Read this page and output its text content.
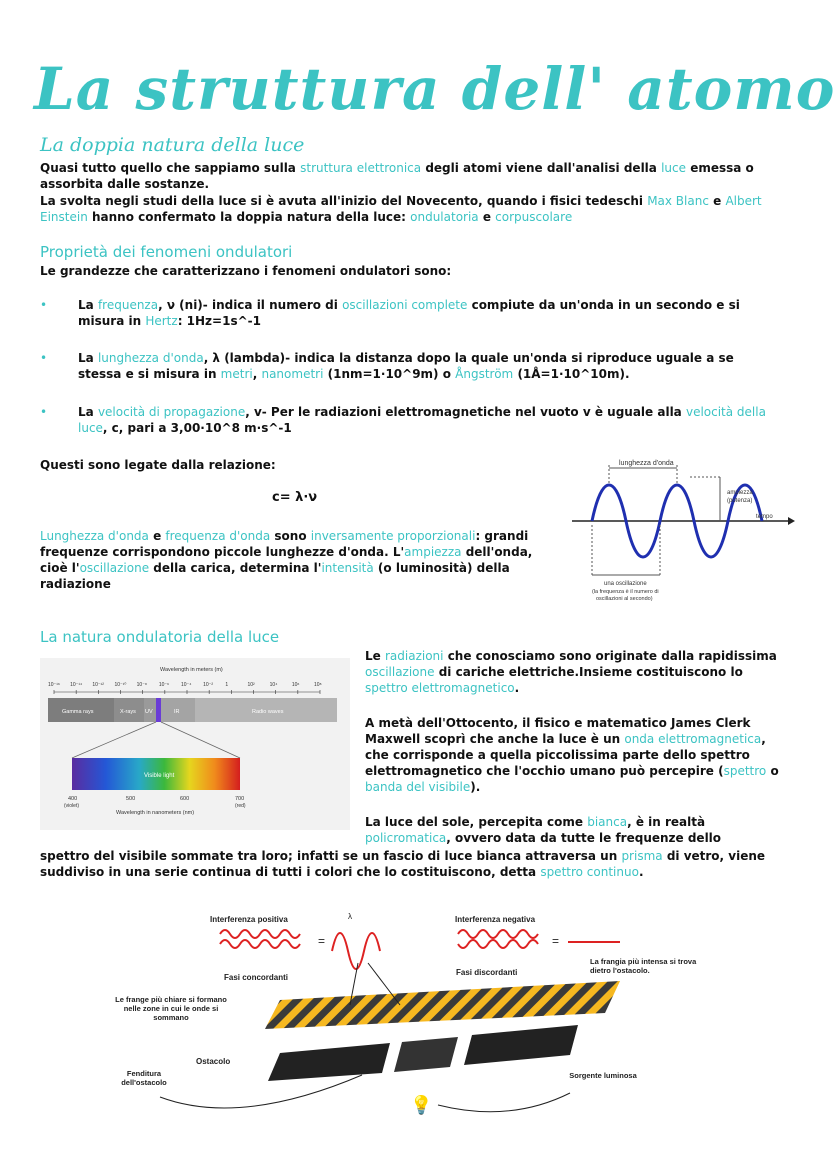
La struttura dell' atomo
La doppia natura della luce
Quasi tutto quello che sappiamo sulla struttura elettronica degli atomi viene dall'analisi della luce emessa o assorbita dalle sostanze.
La svolta negli studi della luce si è avuta all'inizio del Novecento, quando i fisici tedeschi Max Blanc e Albert Einstein hanno confermato la doppia natura della luce: ondulatoria e corpuscolare
Proprietà dei fenomeni ondulatori
Le grandezze che caratterizzano i fenomeni ondulatori sono:
•	La frequenza, ν (ni)- indica il numero di oscillazioni complete compiute da un'onda in un secondo e si misura in Hertz: 1Hz=1s^-1
•	La lunghezza d'onda, λ (lambda)- indica la distanza dopo la quale un'onda si riproduce uguale a se stessa e si misura in metri, nanometri (1nm=1·10^9m) o Ångström (1Å=1·10^10m).
•	La velocità di propagazione, v- Per le radiazioni elettromagnetiche nel vuoto v è uguale alla velocità della luce, c, pari a 3,00·10^8 m·s^-1
Questi sono legate dalla relazione:
c= λ·ν
Lunghezza d'onda e frequenza d'onda sono inversamente proporzionali: grandi frequenze corrispondono piccole lunghezze d'onda. L'ampiezza dell'onda, cioè l'oscillazione della carica, determina l'intensità (o luminosità) della radiazione
lunghezza d'onda
ampiezza
(potenza)
tempo
una oscillazione
(la frequenza è il numero di
oscillazioni al secondo)
La natura ondulatoria della luce
Wavelength in meters (m)
10⁻¹⁶ 10⁻¹⁴ 10⁻¹² 10⁻¹⁰ 10⁻⁸ 10⁻⁶ 10⁻⁴ 10⁻² 1	10²	10⁴	10⁶	10⁸
Gamma rays	X-rays UV	IR	Radio waves
Visible light
400	500	600	700
(violet)	(red)
Wavelength in nanometers (nm)
Le radiazioni che conosciamo sono originate dalla rapidissima oscillazione di cariche elettriche.Insieme costituiscono lo spettro elettromagnetico.
A metà dell'Ottocento, il fisico e matematico James Clerk Maxwell scoprì che anche la luce è un onda elettromagnetica, che corrisponde a quella piccolissima parte dello spettro elettromagnetico che l'occhio umano può percepire (spettro o banda del visibile).
La luce del sole, percepita come bianca, è in realtà policromatica, ovvero data da tutte le frequenze dello
spettro del visibile sommate tra loro; infatti se un fascio di luce bianca attraversa un prisma di vetro, viene suddiviso in una serie continua di tutti i colori che lo costituiscono, detta spettro continuo.
Interferenza positiva
=
λ
Fasi concordanti
Interferenza negativa
=
Fasi discordanti
La frangia più intensa si trova dietro l'ostacolo.
💡
Le frange più chiare si formano nelle zone in cui le onde si sommano
Ostacolo
Fenditura dell'ostacolo
Sorgente luminosa
